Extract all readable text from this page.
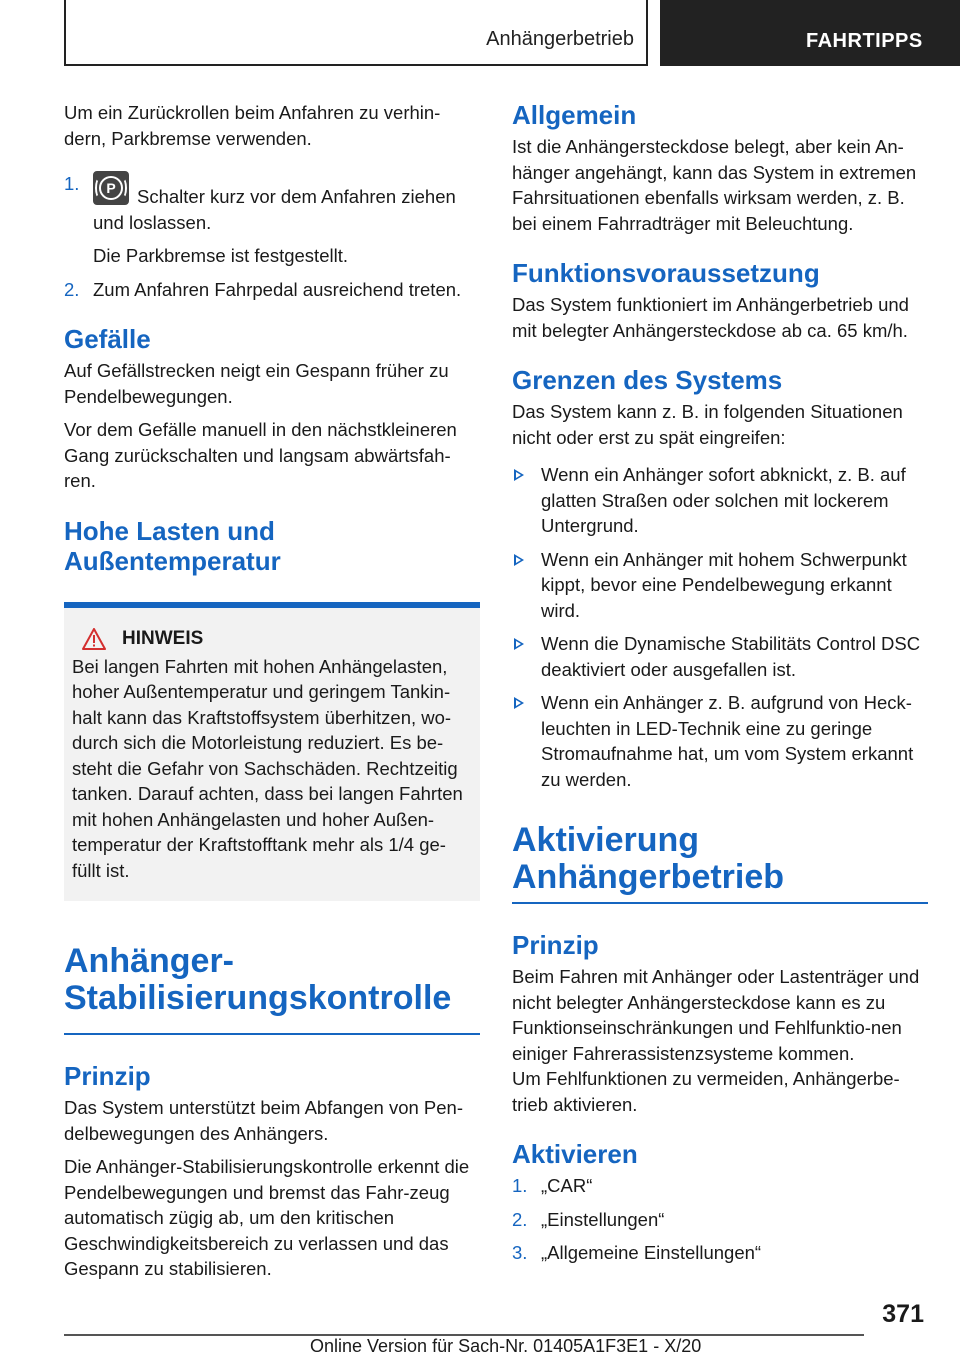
Anhängerbetrieb	FAHRTIPPS

Um ein Zurückrollen beim Anfahren zu verhin-dern, Parkbremse verwenden.

1.	P	Schalter kurz vor dem Anfahren ziehen und loslassen.
Die Parkbremse ist festgestellt.
2. Zum Anfahren Fahrpedal ausreichend treten.
Gefälle

Auf Gefällstrecken neigt ein Gespann früher zu Pendelbewegungen.

Vor dem Gefälle manuell in den nächstkleineren Gang zurückschalten und langsam abwärtsfah-ren.

Hohe Lasten und
Außentemperatur
HINWEIS

Bei langen Fahrten mit hohen Anhängelasten, hoher Außentemperatur und geringem Tankin-halt kann das Kraftstoffsystem überhitzen, wo-durch sich die Motorleistung reduziert. Es be-steht die Gefahr von Sachschäden. Rechtzeitig tanken. Darauf achten, dass bei langen Fahrten mit hohen Anhängelasten und hoher Außen-temperatur der Kraftstofftank mehr als 1/4 ge-füllt ist.

Anhänger-
Stabilisierungskontrolle
Prinzip

Das System unterstützt beim Abfangen von Pen-delbewegungen des Anhängers.

Die Anhänger-Stabilisierungskontrolle erkennt die Pendelbewegungen und bremst das Fahr-zeug automatisch zügig ab, um den kritischen Geschwindigkeitsbereich zu verlassen und das Gespann zu stabilisieren.

Allgemein

Ist die Anhängersteckdose belegt, aber kein An-hänger angehängt, kann das System in extremen Fahrsituationen ebenfalls wirksam werden, z. B. bei einem Fahrradträger mit Beleuchtung.

Funktionsvoraussetzung

Das System funktioniert im Anhängerbetrieb und mit belegter Anhängersteckdose ab ca. 65 km/h.

Grenzen des Systems

Das System kann z. B. in folgenden Situationen nicht oder erst zu spät eingreifen:

Wenn ein Anhänger sofort abknickt, z. B. auf glatten Straßen oder solchen mit lockerem Untergrund.
Wenn ein Anhänger mit hohem Schwerpunkt kippt, bevor eine Pendelbewegung erkannt wird.
Wenn die Dynamische Stabilitäts Control DSC deaktiviert oder ausgefallen ist.
Wenn ein Anhänger z. B. aufgrund von Heck-leuchten in LED-Technik eine zu geringe Stromaufnahme hat, um vom System erkannt zu werden.
Aktivierung
Anhängerbetrieb
Prinzip

Beim Fahren mit Anhänger oder Lastenträger und nicht belegter Anhängersteckdose kann es zu Funktionseinschränkungen und Fehlfunktio-nen einiger Fahrerassistenzsysteme kommen.

Um Fehlfunktionen zu vermeiden, Anhängerbe-trieb aktivieren.

Aktivieren
1. „CAR“
2. „Einstellungen“
3. „Allgemeine Einstellungen“
371
Online Version für Sach-Nr. 01405A1F3E1 - X/20
